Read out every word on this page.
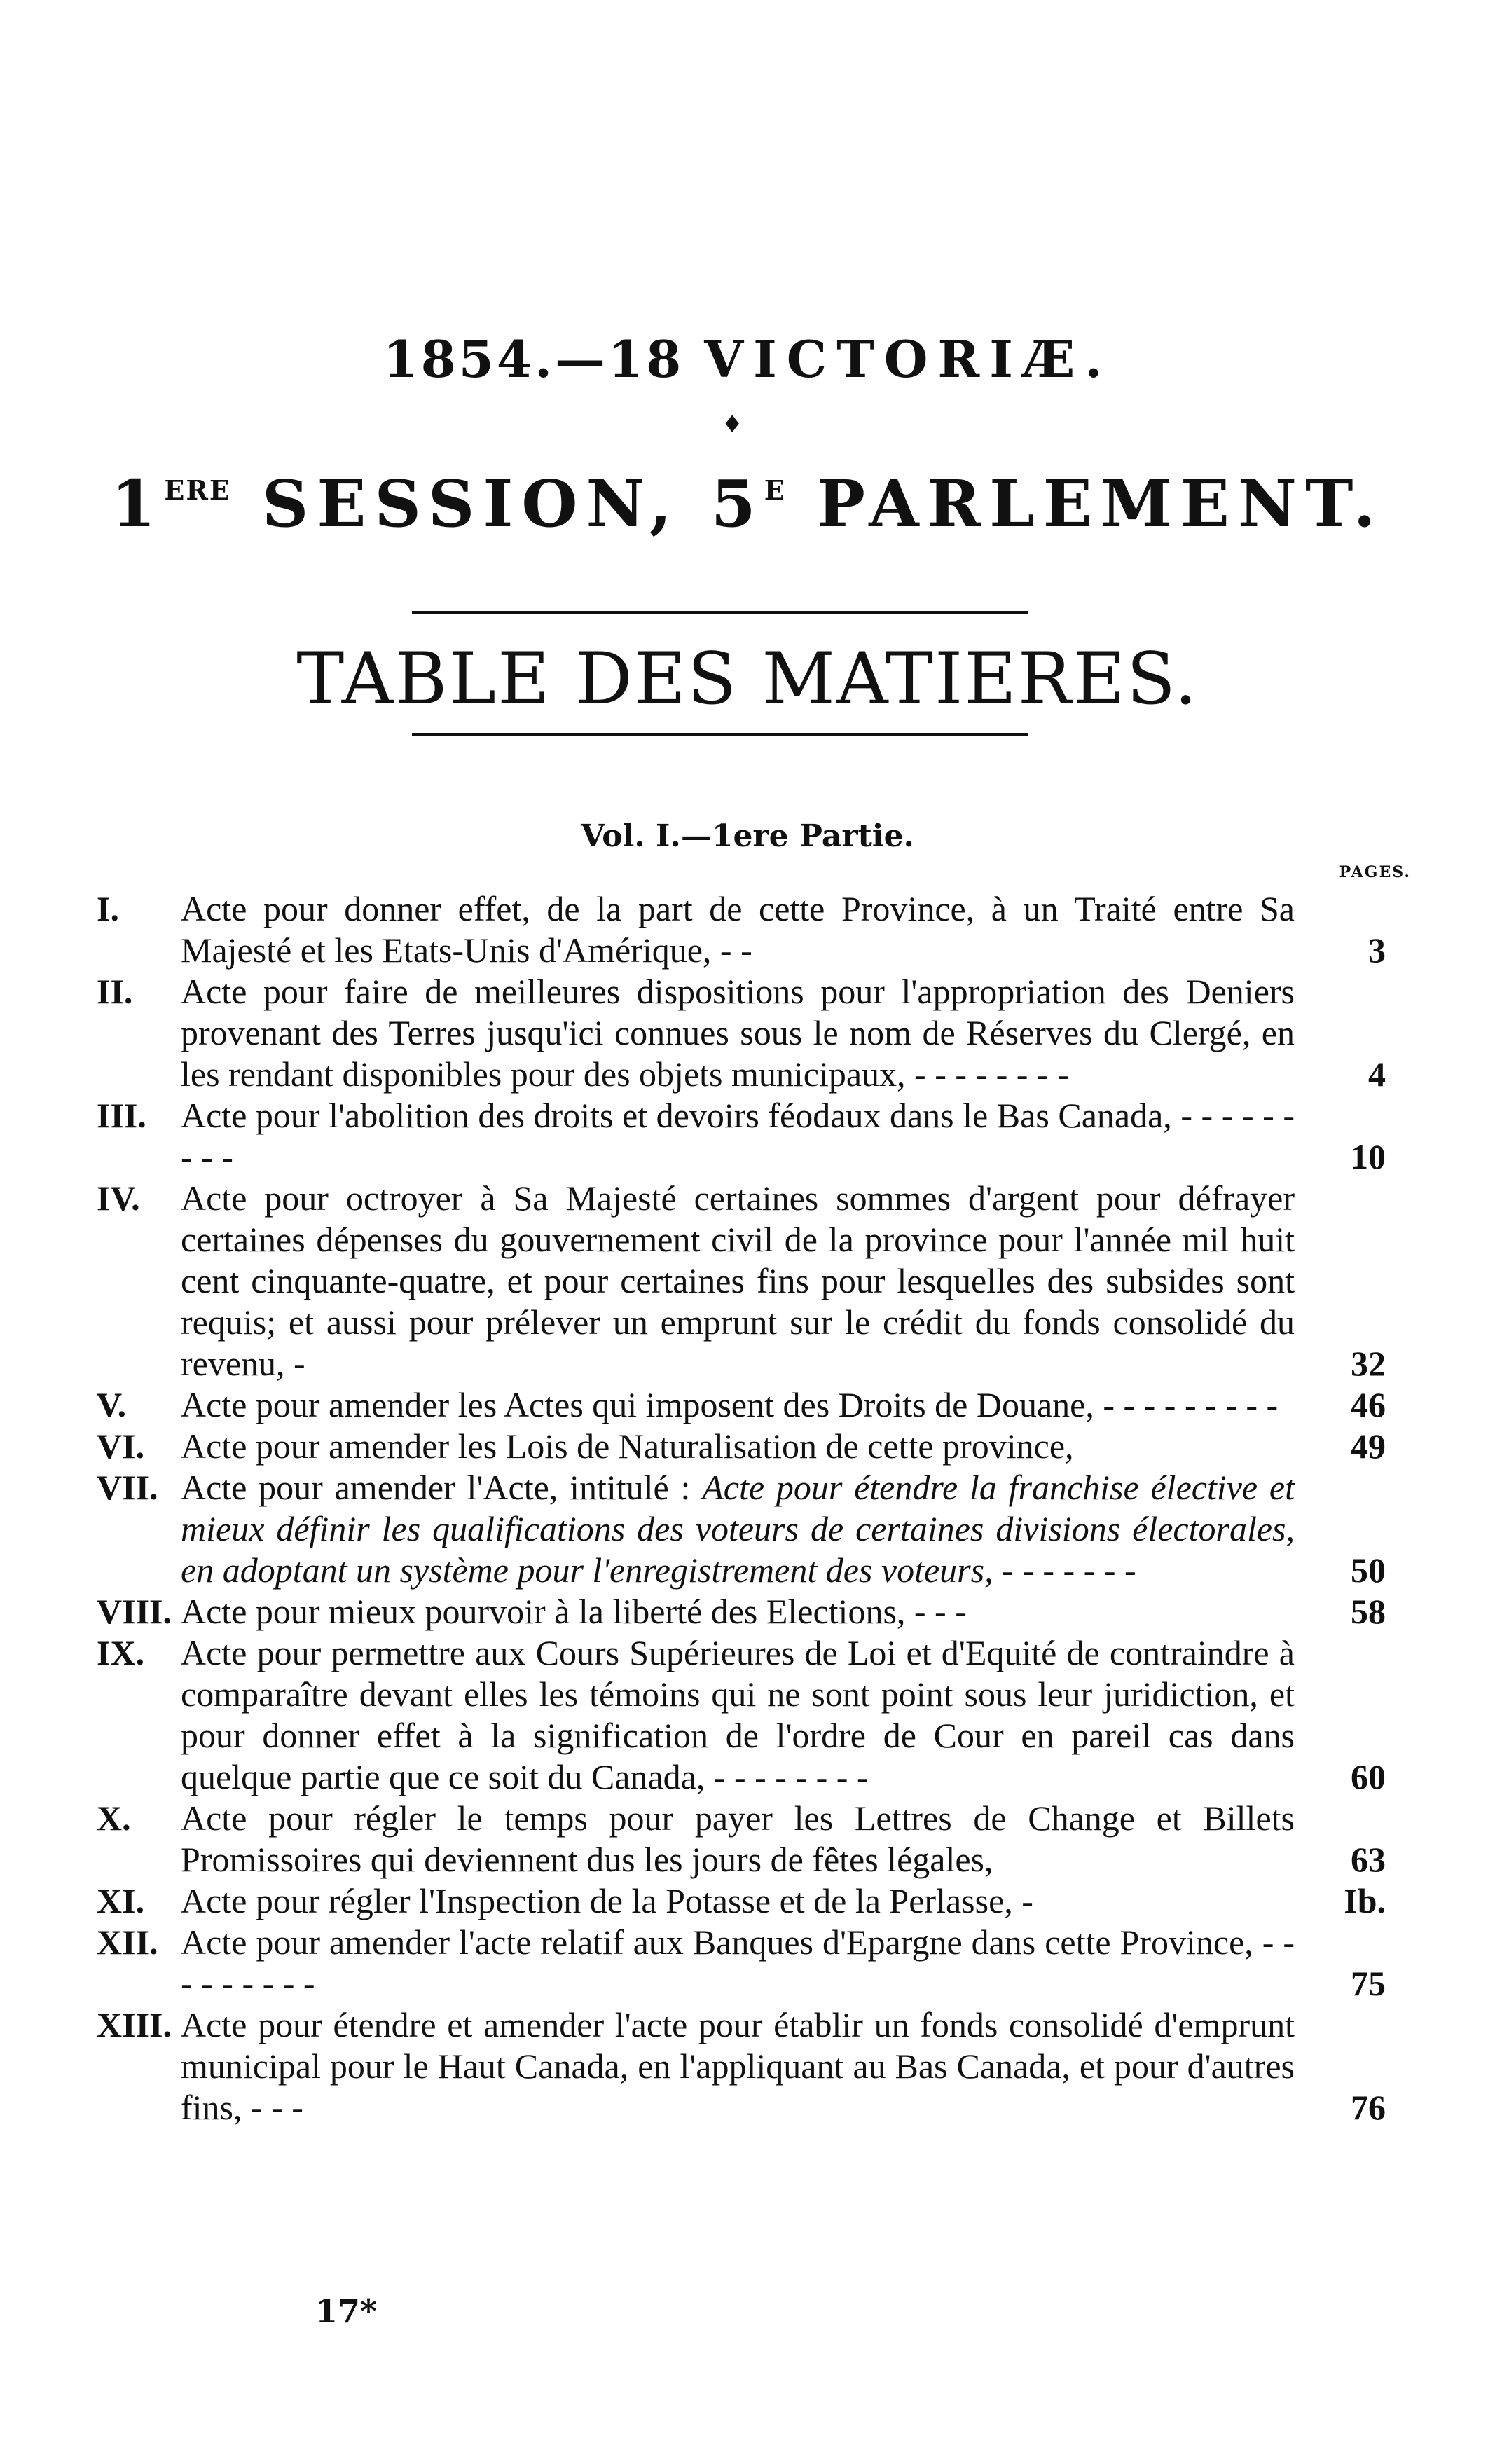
1854.—18 VICTORIÆ.
♦
1ERE SESSION, $5^E$ PARLEMENT.
TABLE DES MATIERES.
Vol. I.—1ere Partie.
PAGES.
I. Acte pour donner effet, de la part de cette Province, à un Traité entre Sa Majesté et les Etats-Unis d'Amérique, - -	3
II. Acte pour faire de meilleures dispositions pour l'appropriation des Deniers provenant des Terres jusqu'ici connues sous le nom de Réserves du Clergé, en les rendant disponibles pour des objets municipaux, - - - - - - - -	4
III. Acte pour l'abolition des droits et devoirs féodaux dans le Bas Canada, - - - - - - - - -	10
IV. Acte pour octroyer à Sa Majesté certaines sommes d'argent pour défrayer certaines dépenses du gouvernement civil de la province pour l'année mil huit cent cinquante-quatre, et pour certaines fins pour lesquelles des subsides sont requis; et aussi pour prélever un emprunt sur le crédit du fonds consolidé du revenu, -	32
V. Acte pour amender les Actes qui imposent des Droits de Douane, - - - - - - - - -	46
VI. Acte pour amender les Lois de Naturalisation de cette province,	49
VII. Acte pour amender l'Acte, intitulé : Acte pour étendre la franchise élective et mieux définir les qualifications des voteurs de certaines divisions électorales, en adoptant un système pour l'enregistrement des voteurs, - - - - - - -	50
VIII. Acte pour mieux pourvoir à la liberté des Elections, - - -	58
IX. Acte pour permettre aux Cours Supérieures de Loi et d'Equité de contraindre à comparaître devant elles les témoins qui ne sont point sous leur juridiction, et pour donner effet à la signification de l'ordre de Cour en pareil cas dans quelque partie que ce soit du Canada, - - - - - - - -	60
X. Acte pour régler le temps pour payer les Lettres de Change et Billets Promissoires qui deviennent dus les jours de fêtes légales,	63
XI. Acte pour régler l'Inspection de la Potasse et de la Perlasse, -	Ib.
XII. Acte pour amender l'acte relatif aux Banques d'Epargne dans cette Province, - - - - - - - - -	75
XIII. Acte pour étendre et amender l'acte pour établir un fonds consolidé d'emprunt municipal pour le Haut Canada, en l'appliquant au Bas Canada, et pour d'autres fins, - - -	76
17*
